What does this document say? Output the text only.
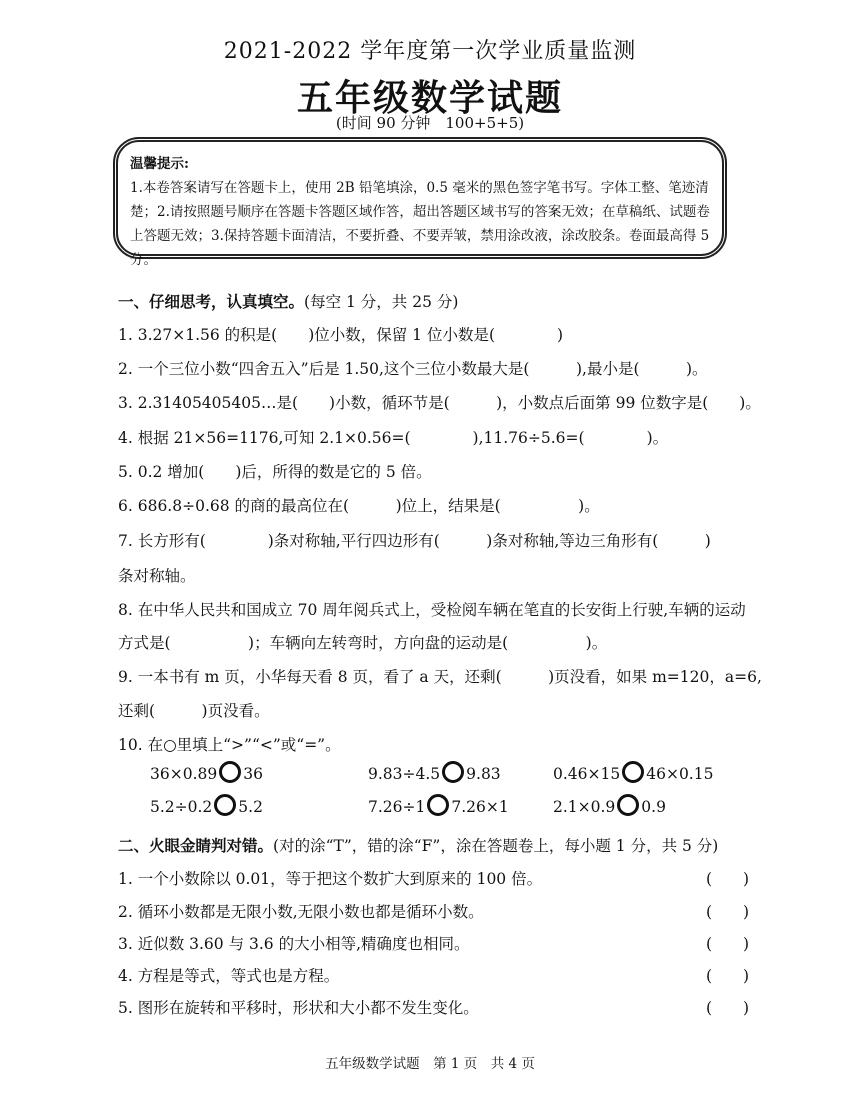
2021-2022 学年度第一次学业质量监测
五年级数学试题
(时间 90 分钟　100+5+5)
温馨提示:
1.本卷答案请写在答题卡上，使用 2B 铅笔填涂，0.5 毫米的黑色签字笔书写。字体工整、笔迹清楚；2.请按照题号顺序在答题卡答题区域作答，超出答题区域书写的答案无效；在草稿纸、试题卷上答题无效；3.保持答题卡面清洁，不要折叠、不要弄皱，禁用涂改液，涂改胶条。卷面最高得 5 分。
一、仔细思考，认真填空。(每空 1 分，共 25 分)
1. 3.27×1.56 的积是(　　)位小数，保留 1 位小数是(　　　　)
2. 一个三位小数“四舍五入”后是 1.50,这个三位小数最大是(　　　),最小是(　　　)。
3. 2.31405405405…是(　　)小数，循环节是(　　　)，小数点后面第 99 位数字是(　　)。
4. 根据 21×56=1176,可知 2.1×0.56=(　　　　),11.76÷5.6=(　　　　)。
5. 0.2 增加(　　)后，所得的数是它的 5 倍。
6. 686.8÷0.68 的商的最高位在(　　　)位上，结果是(　　　　　)。
7. 长方形有(　　　　)条对称轴,平行四边形有(　　　)条对称轴,等边三角形有(　　　)
条对称轴。
8. 在中华人民共和国成立 70 周年阅兵式上，受检阅车辆在笔直的长安街上行驶,车辆的运动
方式是(　　　　　)；车辆向左转弯时，方向盘的运动是(　　　　　)。
9. 一本书有 m 页，小华每天看 8 页，看了 a 天，还剩(　　　)页没看，如果 m=120，a=6,
还剩(　　　)页没看。
10. 在○里填上“>”“<”或“=”。
36×0.89 36	9.83÷4.5 9.83	0.46×15 46×0.15
5.2÷0.2 5.2	7.26÷1 7.26×1	2.1×0.9 0.9
二、火眼金睛判对错。(对的涂“T”，错的涂“F”，涂在答题卷上，每小题 1 分，共 5 分)
1. 一个小数除以 0.01，等于把这个数扩大到原来的 100 倍。	(　　)
2. 循环小数都是无限小数,无限小数也都是循环小数。	(　　)
3. 近似数 3.60 与 3.6 的大小相等,精确度也相同。	(　　)
4. 方程是等式，等式也是方程。	(　　)
5. 图形在旋转和平移时，形状和大小都不发生变化。	(　　)
五年级数学试题　第 1 页　共 4 页
